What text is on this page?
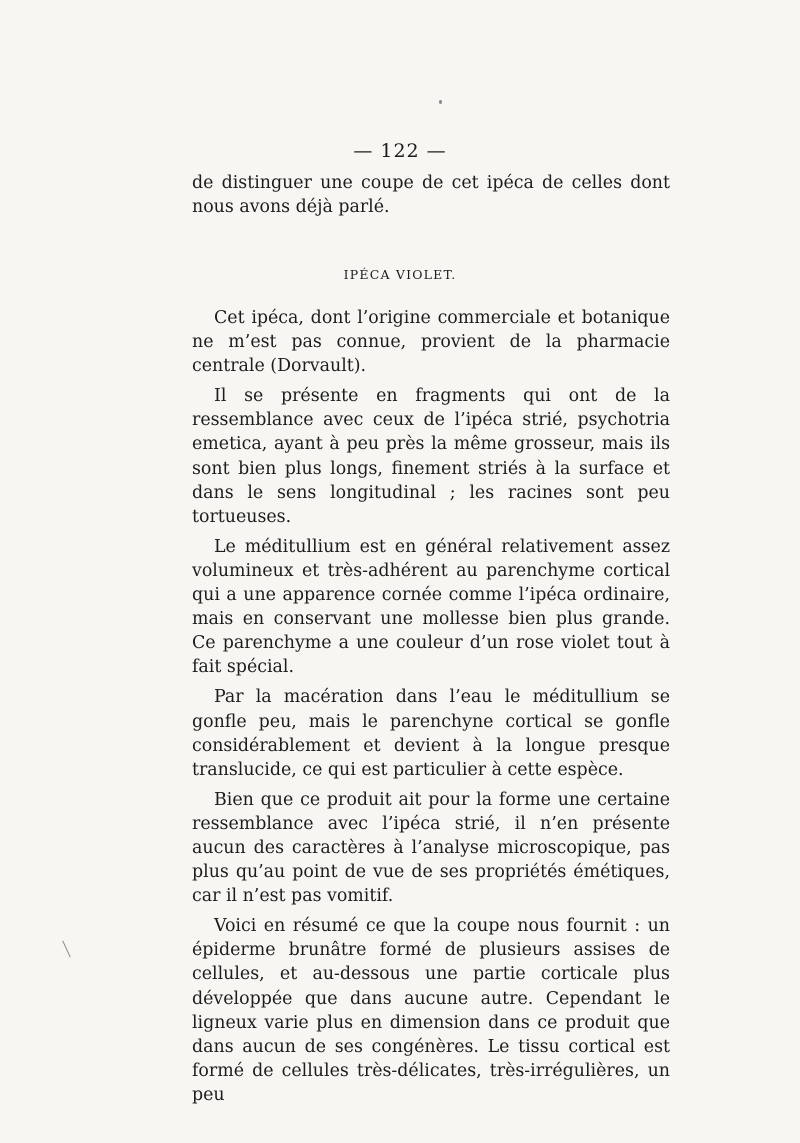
— 122 —
de distinguer une coupe de cet ipéca de celles dont nous avons déjà parlé.
IPÉCA VIOLET.

Cet ipéca, dont l’origine commerciale et botanique ne m’est pas connue, provient de la pharmacie centrale (Dorvault).

Il se présente en fragments qui ont de la ressemblance avec ceux de l’ipéca strié, psychotria emetica, ayant à peu près la même grosseur, mais ils sont bien plus longs, finement striés à la surface et dans le sens longitudinal ; les racines sont peu tortueuses.

Le méditullium est en général relativement assez volumineux et très-adhérent au parenchyme cortical qui a une apparence cornée comme l’ipéca ordinaire, mais en conservant une mollesse bien plus grande. Ce parenchyme a une couleur d’un rose violet tout à fait spécial.

Par la macération dans l’eau le méditullium se gonfle peu, mais le parenchyne cortical se gonfle considérablement et devient à la longue presque translucide, ce qui est particulier à cette espèce.

Bien que ce produit ait pour la forme une certaine ressemblance avec l’ipéca strié, il n’en présente aucun des caractères à l’analyse microscopique, pas plus qu’au point de vue de ses propriétés émétiques, car il n’est pas vomitif.

Voici en résumé ce que la coupe nous fournit : un épiderme brunâtre formé de plusieurs assises de cellules, et au-dessous une partie corticale plus développée que dans aucune autre. Cependant le ligneux varie plus en dimension dans ce produit que dans aucun de ses congénères. Le tissu cortical est formé de cellules très-délicates, très-irrégulières, un peu
